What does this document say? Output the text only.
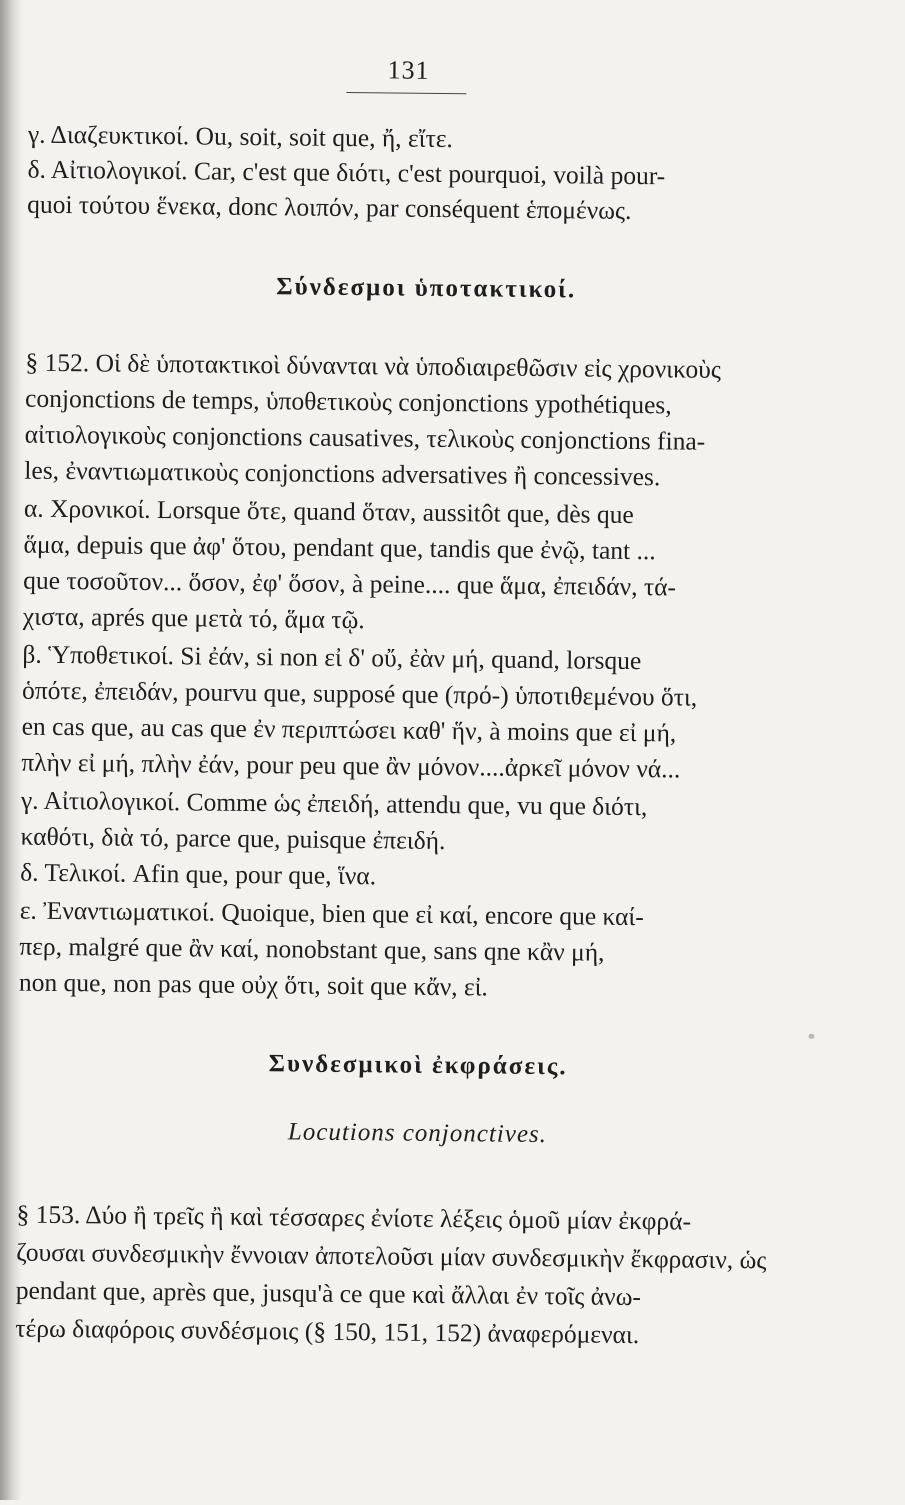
131
γ. Διαζευκτικοί. Ou, soit, soit que, ἤ, εἴτε.
δ. Αἰτιολογικοί. Car, c'est que διότι, c'est pourquoi, voilà pour-
quoi τούτου ἕνεκα, donc λοιπόν, par conséquent ἑπομένως.
Σύνδεσμοι ὑποτακτικοί.
§ 152. Οἱ δὲ ὑποτακτικοὶ δύνανται νὰ ὑποδιαιρεθῶσιν εἰς χρονικοὺς
conjonctions de temps, ὑποθετικοὺς conjonctions ypothétiques,
αἰτιολογικοὺς conjonctions causatives, τελικοὺς conjonctions fina-
les, ἐναντιωματικοὺς conjonctions adversatives ἢ concessives.
α. Χρονικοί. Lorsque ὅτε, quand ὅταν, aussitôt que, dès que
ἅμα, depuis que ἀφ' ὅτου, pendant que, tandis que ἐνῷ, tant ...
que τοσοῦτον... ὅσον, ἐφ' ὅσον, à peine.... que ἅμα, ἐπειδάν, τά-
χιστα, aprés que μετὰ τό, ἅμα τῷ.
β. Ὑποθετικοί. Si ἐάν, si non εἰ δ' οὔ, ἐὰν μή, quand, lorsque
ὁπότε, ἐπειδάν, pourvu que, supposé que (πρό-) ὑποτιθεμένου ὅτι,
en cas que, au cas que ἐν περιπτώσει καθ' ἥν, à moins que εἰ μή,
πλὴν εἰ μή, πλὴν ἐάν, pour peu que ἂν μόνον....ἀρκεῖ μόνον νά...
γ. Αἰτιολογικοί. Comme ὡς ἐπειδή, attendu que, vu que διότι,
καθότι, διὰ τό, parce que, puisque ἐπειδή.
δ. Τελικοί. Afin que, pour que, ἵνα.
ε. Ἐναντιωματικοί. Quoique, bien que εἰ καί, encore que καί-
περ, malgré que ἂν καί, nonobstant que, sans qne κἂν μή,
non que, non pas que οὐχ ὅτι, soit que κἄν, εἰ.
Συνδεσμικοὶ ἐκφράσεις.
Locutions conjonctives.
§ 153. Δύο ἢ τρεῖς ἢ καὶ τέσσαρες ἐνίοτε λέξεις ὁμοῦ μίαν ἐκφρά-
ζουσαι συνδεσμικὴν ἔννοιαν ἀποτελοῦσι μίαν συνδεσμικὴν ἔκφρασιν, ὡς
pendant que, après que, jusqu'à ce que καὶ ἄλλαι ἐν τοῖς ἀνω-
τέρω διαφόροις συνδέσμοις (§ 150, 151, 152) ἀναφερόμεναι.
